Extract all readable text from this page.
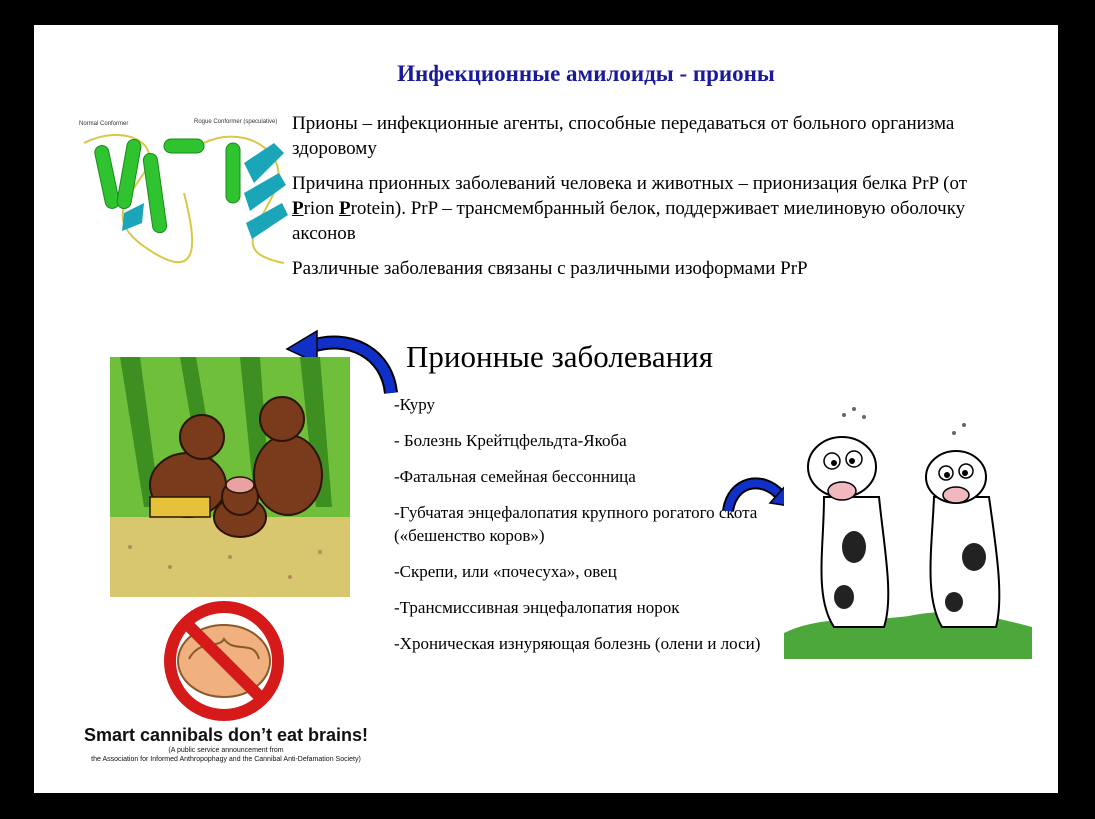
Инфекционные амилоиды - прионы
Normal Conformer	Rogue Conformer (speculative) Прионы – инфекционные агенты, способные передаваться от больного организма здоровому

Причина прионных заболеваний человека и животных – прионизация белка PrP (от Prion Protein). PrP – трансмембранный белок, поддерживает миелиновую оболочку аксонов

Различные заболевания связаны с различными изоформами PrP

Smart cannibals don’t eat brains!
(A public service announcement from
the Association for Informed Anthropophagy and the Cannibal Anti-Defamation Society)
Прионные заболевания
-Куру
- Болезнь Крейтцфельдта-Якоба
-Фатальная семейная бессонница
-Губчатая энцефалопатия крупного рогатого скота («бешенство коров»)
-Скрепи, или «почесуха», овец
-Трансмиссивная энцефалопатия норок
-Хроническая изнуряющая болезнь (олени и лоси)
